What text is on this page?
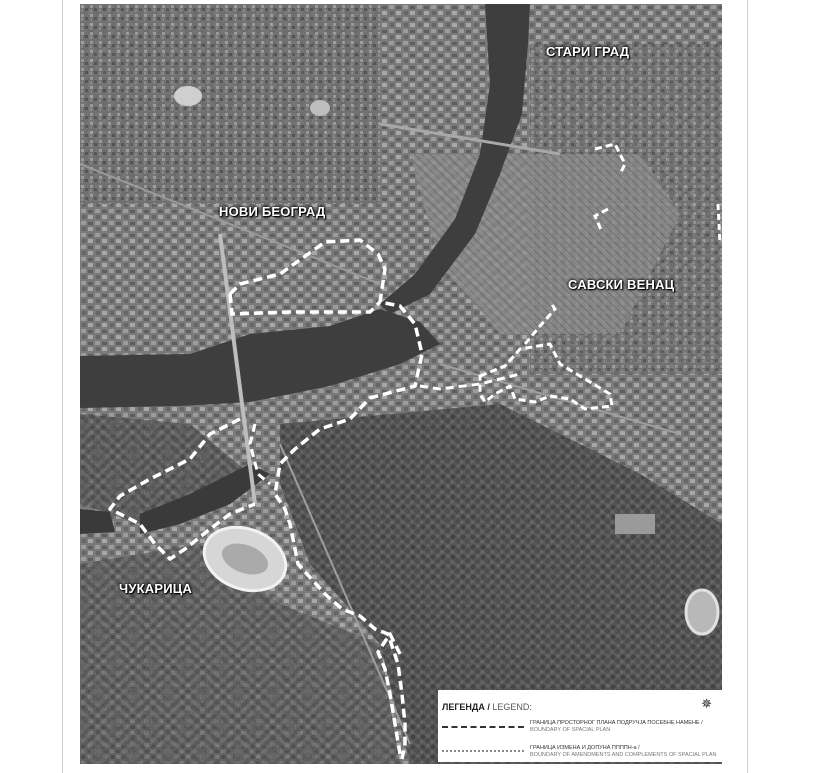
СТАРИ ГРАД
НОВИ БЕОГРАД
САВСКИ ВЕНАЦ
ЧУКАРИЦА
ЛЕГЕНДА / LEGEND:	✵
ГРАНИЦА ПРОСТОРНОГ ПЛАНА ПОДРУЧЈА ПОСЕБНЕ НАМЕНЕ /
BOUNDARY OF SPACIAL PLAN
ГРАНИЦА ИЗМЕНА И ДОПУНА ППППН-а /
BOUNDARY OF AMENDMENTS AND COMPLEMENTS OF SPACIAL PLAN
